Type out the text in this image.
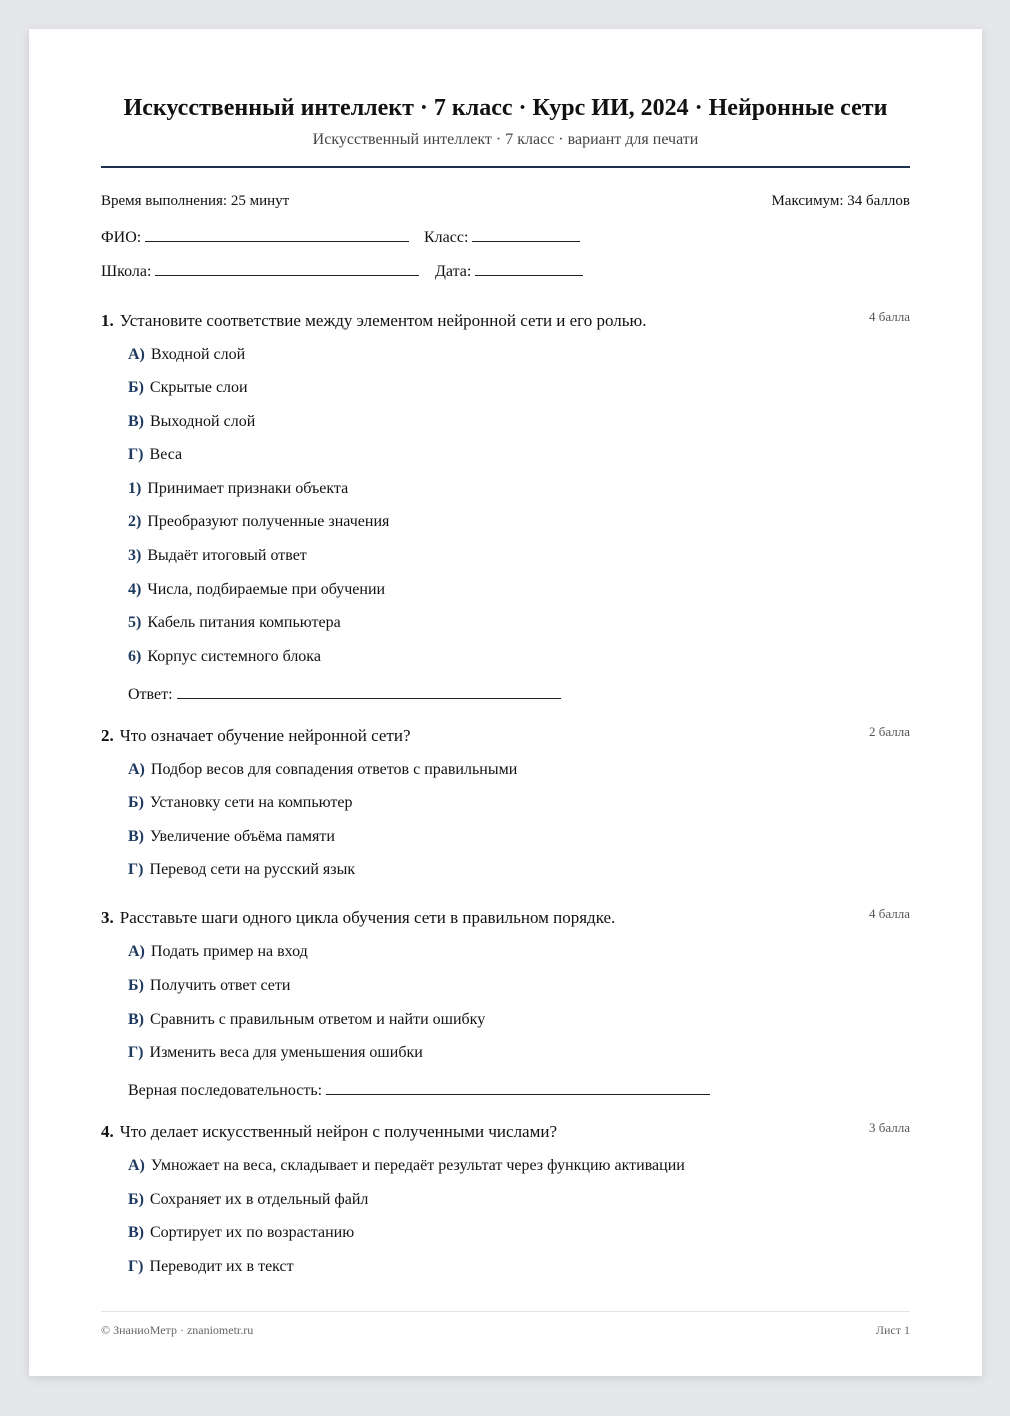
Искусственный интеллект · 7 класс · Курс ИИ, 2024 · Нейронные сети
Искусственный интеллект · 7 класс · вариант для печати
Время выполнения: 25 минут	Максимум: 34 баллов
ФИО:	Класс:
Школа:	Дата:
1. Установите соответствие между элементом нейронной сети и его ролью.	4 балла
А) Входной слой
Б) Скрытые слои
В) Выходной слой
Г) Веса
1) Принимает признаки объекта
2) Преобразуют полученные значения
3) Выдаёт итоговый ответ
4) Числа, подбираемые при обучении
5) Кабель питания компьютера
6) Корпус системного блока
Ответ:
2. Что означает обучение нейронной сети?	2 балла
А) Подбор весов для совпадения ответов с правильными
Б) Установку сети на компьютер
В) Увеличение объёма памяти
Г) Перевод сети на русский язык
3. Расставьте шаги одного цикла обучения сети в правильном порядке.	4 балла
А) Подать пример на вход
Б) Получить ответ сети
В) Сравнить с правильным ответом и найти ошибку
Г) Изменить веса для уменьшения ошибки
Верная последовательность:
4. Что делает искусственный нейрон с полученными числами?	3 балла
А) Умножает на веса, складывает и передаёт результат через функцию активации
Б) Сохраняет их в отдельный файл
В) Сортирует их по возрастанию
Г) Переводит их в текст
© ЗнаниоМетр · znaniometr.ru	Лист 1
